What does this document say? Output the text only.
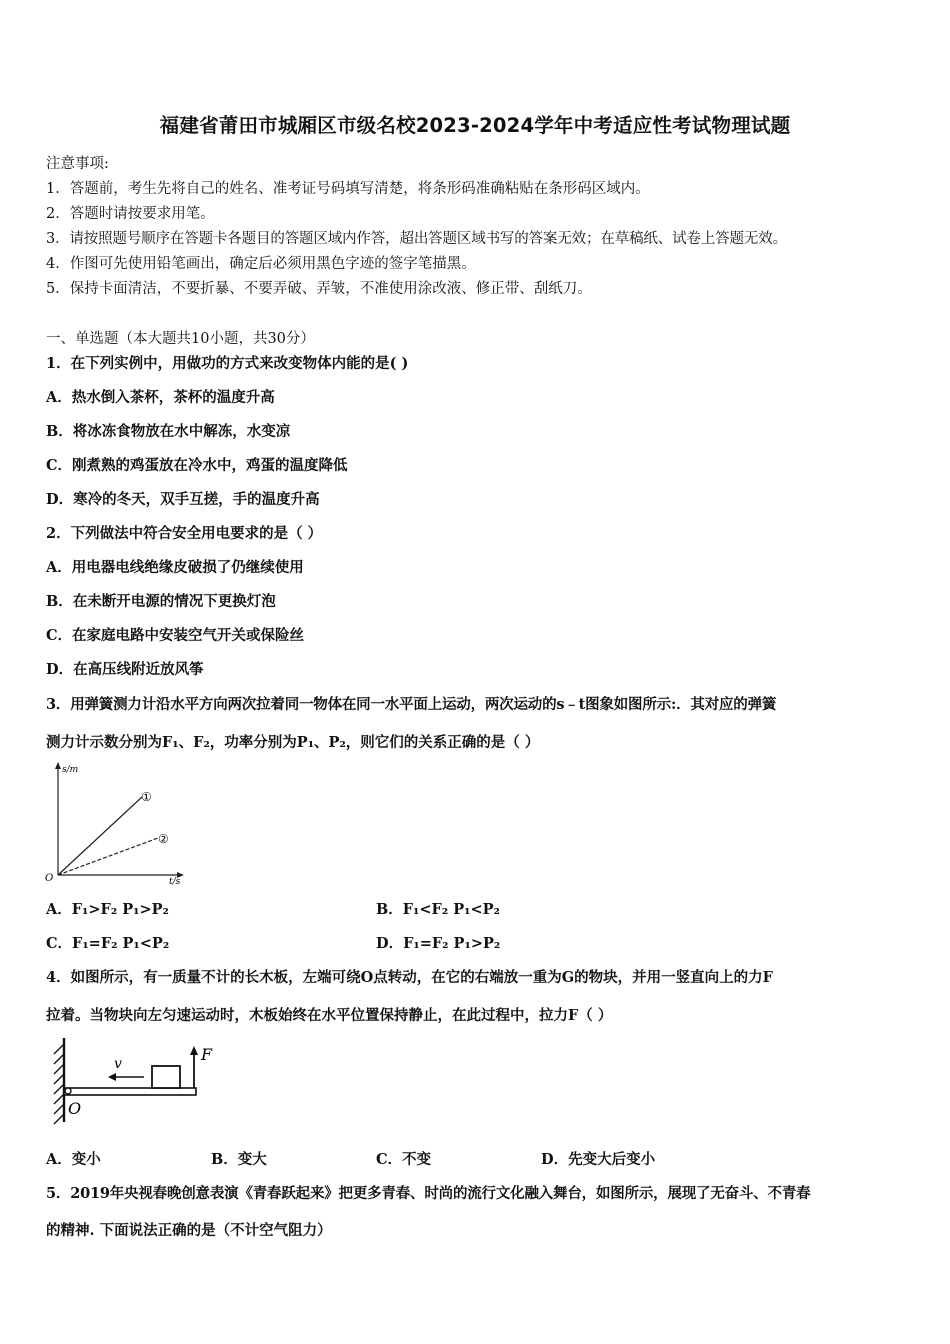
福建省莆田市城厢区市级名校2023-2024学年中考适应性考试物理试题
注意事项:
1．答题前，考生先将自己的姓名、准考证号码填写清楚，将条形码准确粘贴在条形码区域内。
2．答题时请按要求用笔。
3．请按照题号顺序在答题卡各题目的答题区域内作答，超出答题区域书写的答案无效；在草稿纸、试卷上答题无效。
4．作图可先使用铅笔画出，确定后必须用黑色字迹的签字笔描黑。
5．保持卡面清洁，不要折暴、不要弄破、弄皱，不准使用涂改液、修正带、刮纸刀。
一、单选题（本大题共10小题，共30分）
1．在下列实例中，用做功的方式来改变物体内能的是( )
A．热水倒入茶杯，茶杯的温度升高
B．将冰冻食物放在水中解冻，水变凉
C．刚煮熟的鸡蛋放在冷水中，鸡蛋的温度降低
D．寒冷的冬天，双手互搓，手的温度升高
2．下列做法中符合安全用电要求的是（ ）
A．用电器电线绝缘皮破损了仍继续使用
B．在未断开电源的情况下更换灯泡
C．在家庭电路中安装空气开关或保险丝
D．在高压线附近放风筝
3．用弹簧测力计沿水平方向两次拉着同一物体在同一水平面上运动，两次运动的s﹣t图象如图所示:．其对应的弹簧
测力计示数分别为F₁、F₂，功率分别为P₁、P₂，则它们的关系正确的是（ ）
s/m
t/s
O
①
②
A．F₁>F₂ P₁>P₂	B．F₁<F₂ P₁<P₂
C．F₁=F₂ P₁<P₂	D．F₁=F₂ P₁>P₂
4．如图所示，有一质量不计的长木板，左端可绕O点转动，在它的右端放一重为G的物块，并用一竖直向上的力F
拉着。当物块向左匀速运动时，木板始终在水平位置保持静止，在此过程中，拉力F（ ）
v	F
O
A．变小	B．变大	C．不变	D．先变大后变小
5．2019年央视春晚创意表演《青春跃起来》把更多青春、时尚的流行文化融入舞台，如图所示，展现了无奋斗、不青春
的精神. 下面说法正确的是（不计空气阻力）
